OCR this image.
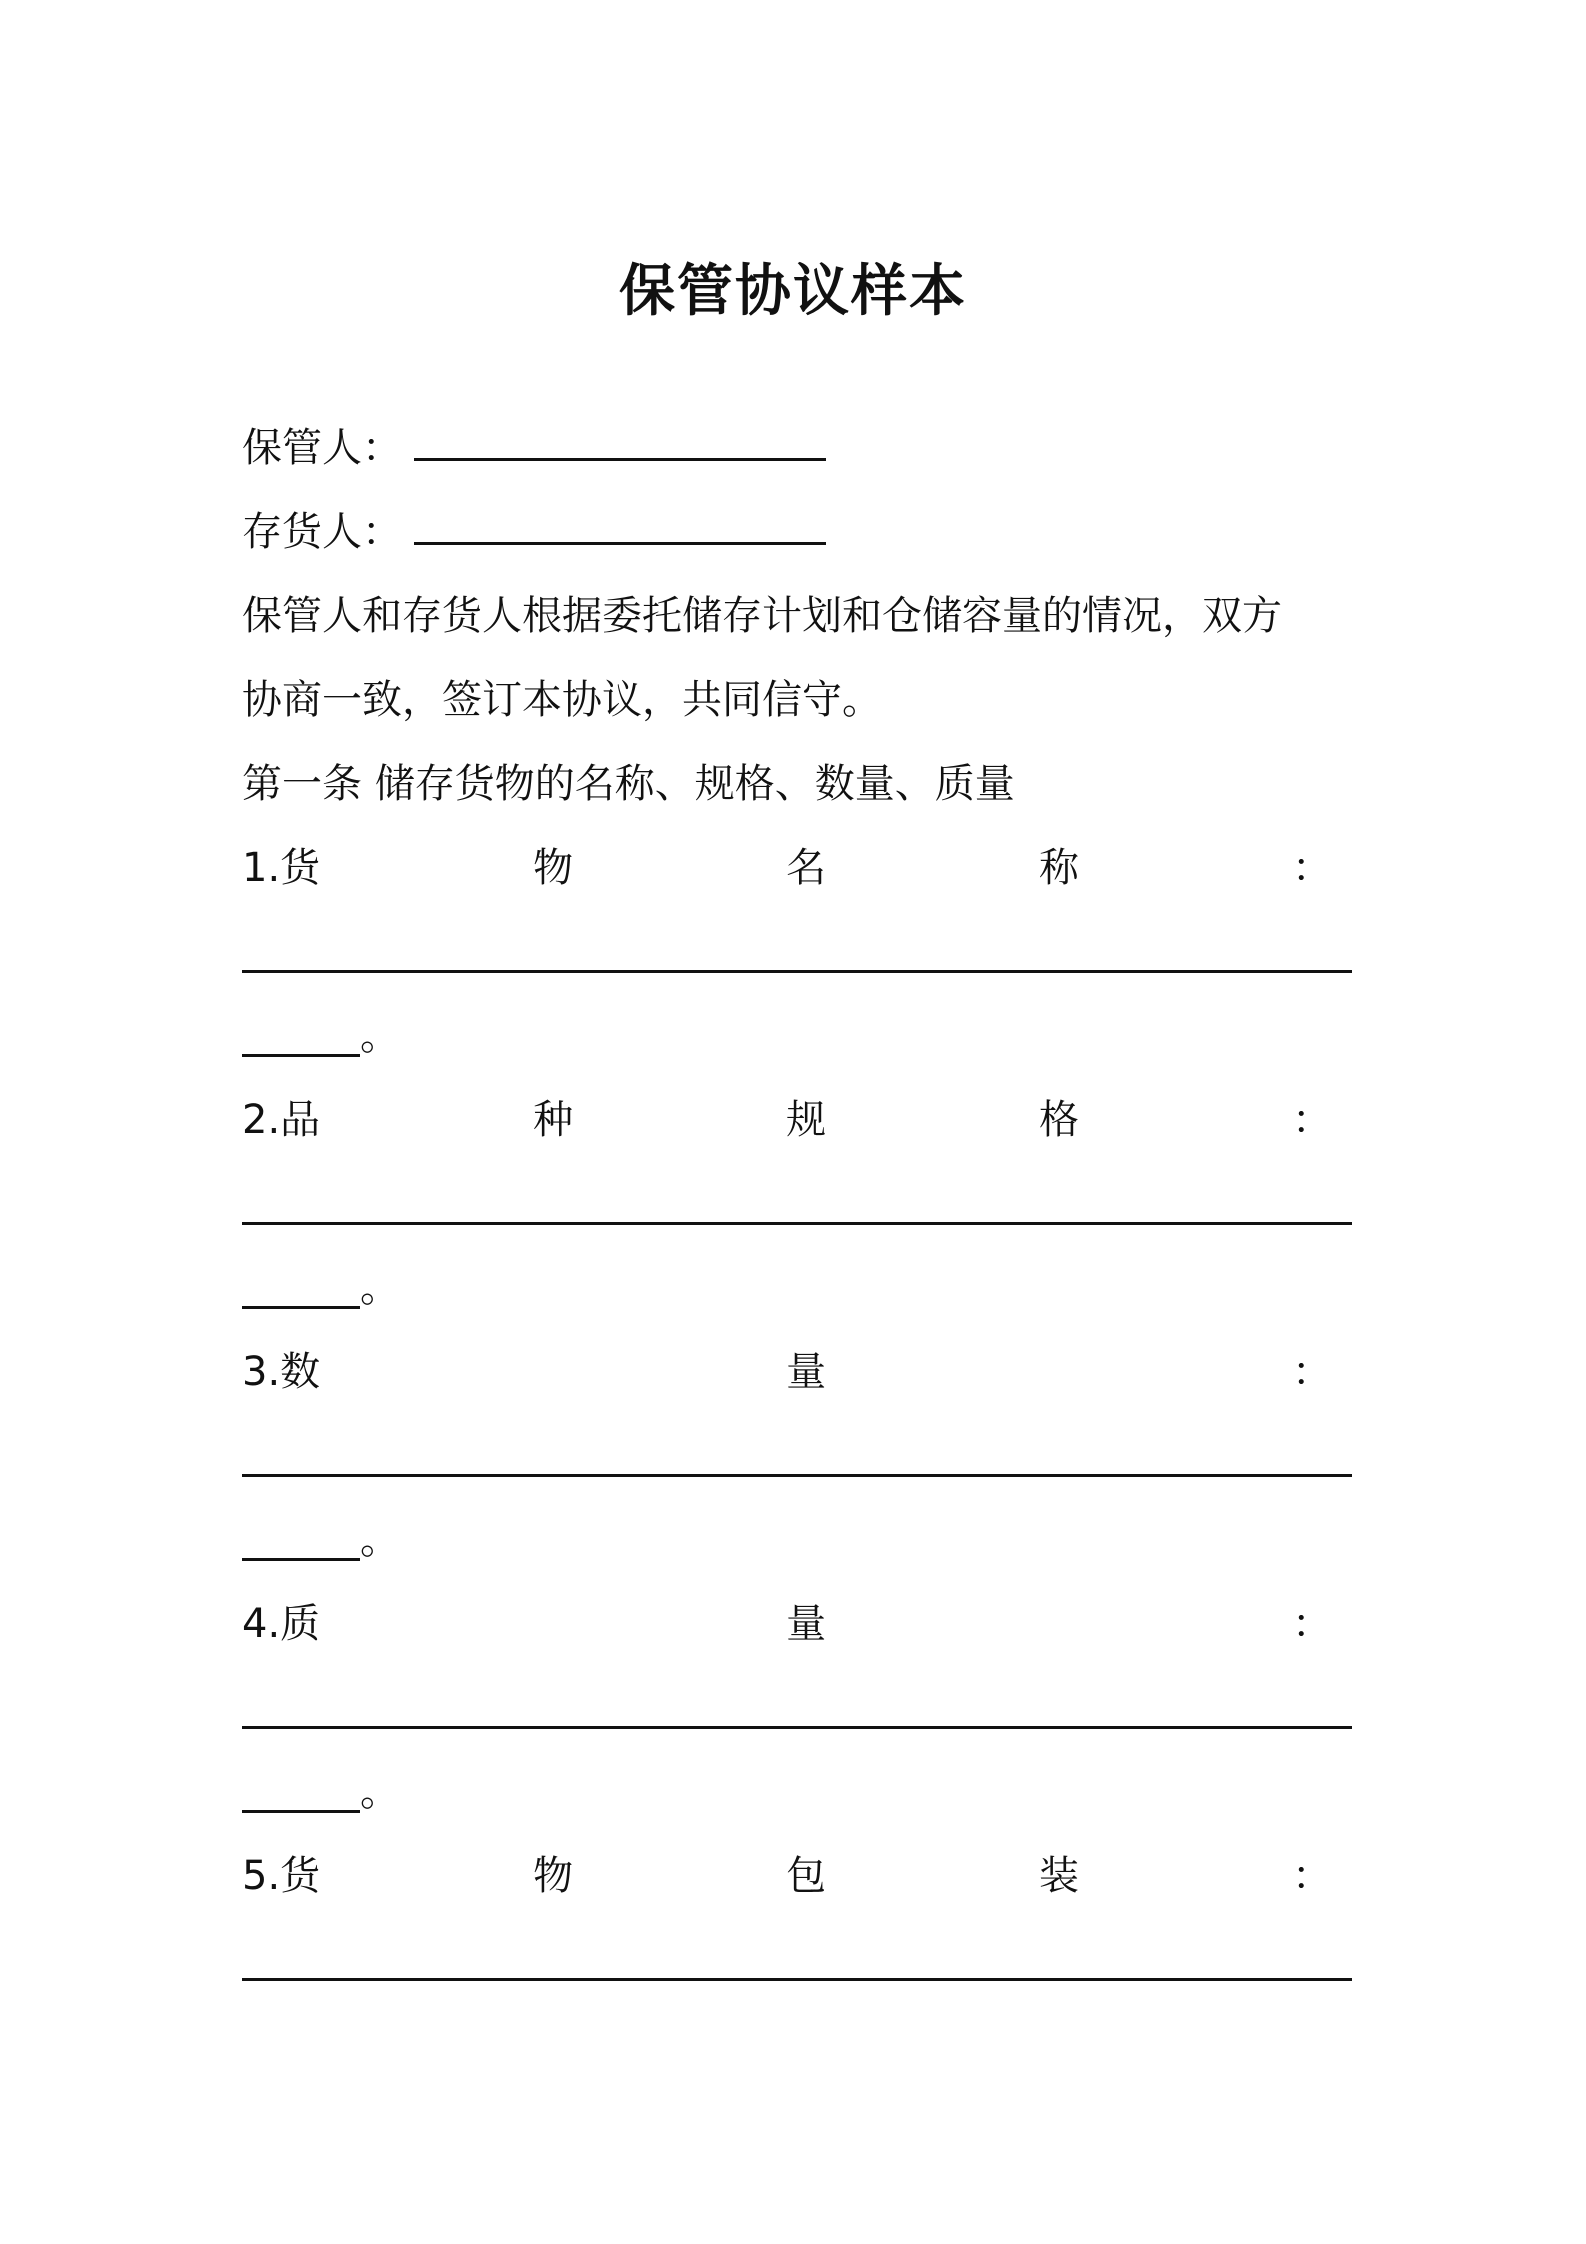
保管协议样本
保管人：
存货人：
保管人和存货人根据委托储存计划和仓储容量的情况，双方
协商一致，签订本协议，共同信守。
第一条 储存货物的名称、规格、数量、质量
1.货	物	名	称	：
。
2.品	种	规	格	：
。
3.数	量	：
。
4.质	量	：
。
5.货	物	包	装	：
